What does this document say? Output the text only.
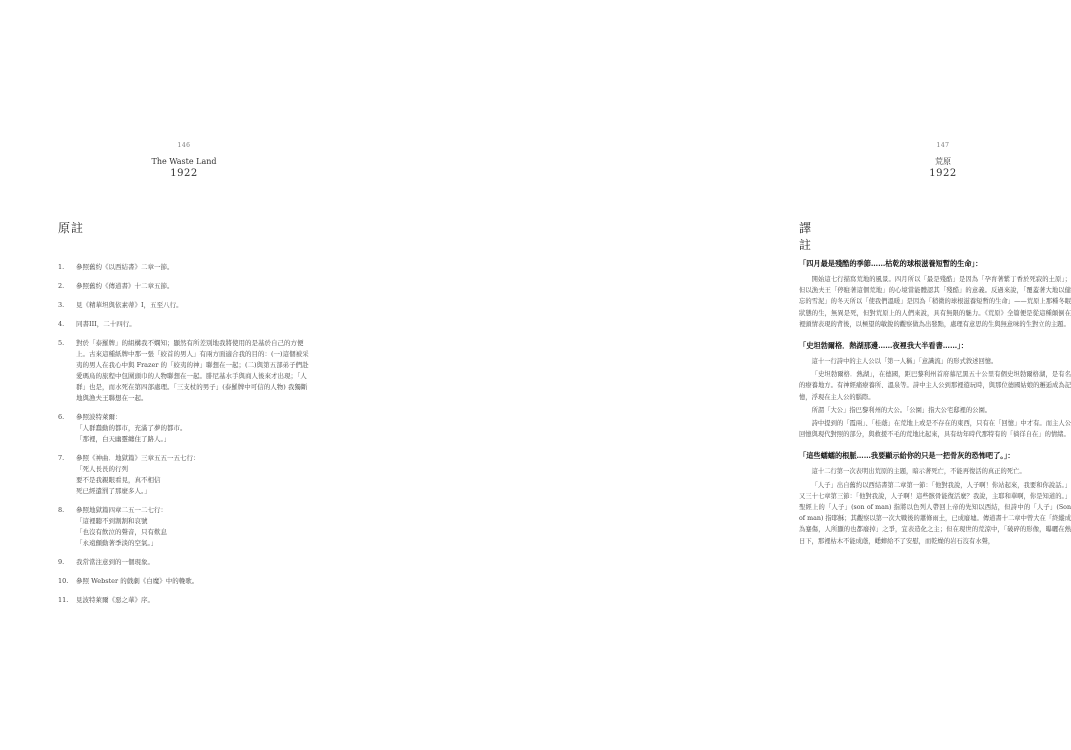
146
The Waste Land
1922
原註
1.	參照舊約《以西結書》二章一節。
2.	參照舊約《傳道書》十二章五節。
3.	見《精華坦與依素蒂》I，五至八行。
4.	同書III，二十四行。
5.	對於「泰羅牌」的組構我不嫻知；顯然有所差別地我將使用的是基於自己的方便上。古來這種紙牌中那一張「絞首的男人」有兩方面適合我的目的：(一)這個被采夷的男人在我心中與 Frazer 的「絞夷的神」聯想在一起；(二)與第五部弟子們赴愛瑪烏的旅程中包圍頭巾的人物聯想在一起。腓尼基水手與商人後來才出現；「人群」也是，而水死在第四部處理。「三支杖的男子」(泰羅牌中可信的人物) 我獨斷地與漁夫王聯想在一起。
6.	參照波特萊爾：
「人群蠢動的都市，充滿了夢的都市。
「那裡，白天幽靈纏住了路人。」
7.	參照《神曲．地獄篇》三章五五一五七行：
「死人長長的行列
要不是我親眼看見，真不相信
死已經遣罰了那麼多人。」
8.	參照地獄篇四章二五一二七行：
「這裡聽不到割割和哀號
「也沒有飲泣的聲音，只有歎息
「永遠顫動著季淡的空氣。」
9.	我常當注意到的一個現象。
10.	參照 Webster 的戲劇《白魔》中的輓歌。
11.	見波特萊爾《惡之華》序。
147
荒原
1922
譯註
「四月最是殘酷的季節……枯乾的球根滋養短暫的生命」：

開始這七行描寫荒地的風景。四月所以「最是殘酷」是因為「孕育著紫丁香於死寂的土原」；但以漁夫王「停駐著這個荒地」的心境當能體認其「殘酷」的意義。反過來說，「覆蓋著大地以健忘的雪泥」的冬天所以「使我們溫暖」是因為「稍微的球根滋養短暫的生命」——荒原上那種冬眠狀態的生，無異是死，但對荒原上的人們來說，具有無限的魅力。《荒原》全篇便是從這種顛倒在裡頭情表現的背後，以極望的敏銳的觀察做為出發點，處理有意思的生與無意味的生對立的主題。

「史坦勃爾格．熱湖那邊……夜裡我大半看書……」：

這十一行詩中的主人公以「第一人稱」「意識流」的形式敘述回憶。

「史坦勃爾格．熱湖」，在德國，距巴黎利州首府慕尼黑五十公里有個史坦勃爾格湖，是有名的療養地方。有神經痛療養所、溫泉等。詩中主人公到那裡遊玩時，與那位德國姑娘的邂逅成為記憶，浮現在主人公的腦際。

所謂「大公」指巴黎利州的大公。「公園」指大公宅邸裡的公園。

詩中提到的「霞兩」、「桂蔭」在荒地上或是不存在的東西，只有在「回憶」中才有。而主人公回憶與現代對照的部分，與救援不毛的荒地比起來，具有幼年時代那特有的「徜徉自在」的情緒。

「這些蠕蠕的根脈……我要顯示給你的只是一把骨灰的恐怖吧了。」：

這十二行第一次表明出荒原的主題，暗示著死亡，不能再復活的真正的死亡。

「人子」出自舊約以西結書第二章第一節：「他對我說，人子啊！你站起來，我要和你說話。」又三十七章第三節：「他對我說，人子啊！這些骸骨能復活麼？我說，主耶和華啊，你是知道的。」聖經上的「人子」(son of man) 指將以色列人帶回上帝的先知以西結，但詩中的「人子」(Son of man) 指耶穌；其觀察以第一次大戰後的蕭條雨土，已成廢墟。傳道書十二章中曾大在「終縱成為蹇傷，人所顯的也都廢掉」之爭，宜表造化之主；但在現世的荒涼中，「破碎的形像，曝曬在熱日下，那裡枯木不能成蔭，蟋蟀給不了安慰，而乾燥的岩石沒有水聲，
